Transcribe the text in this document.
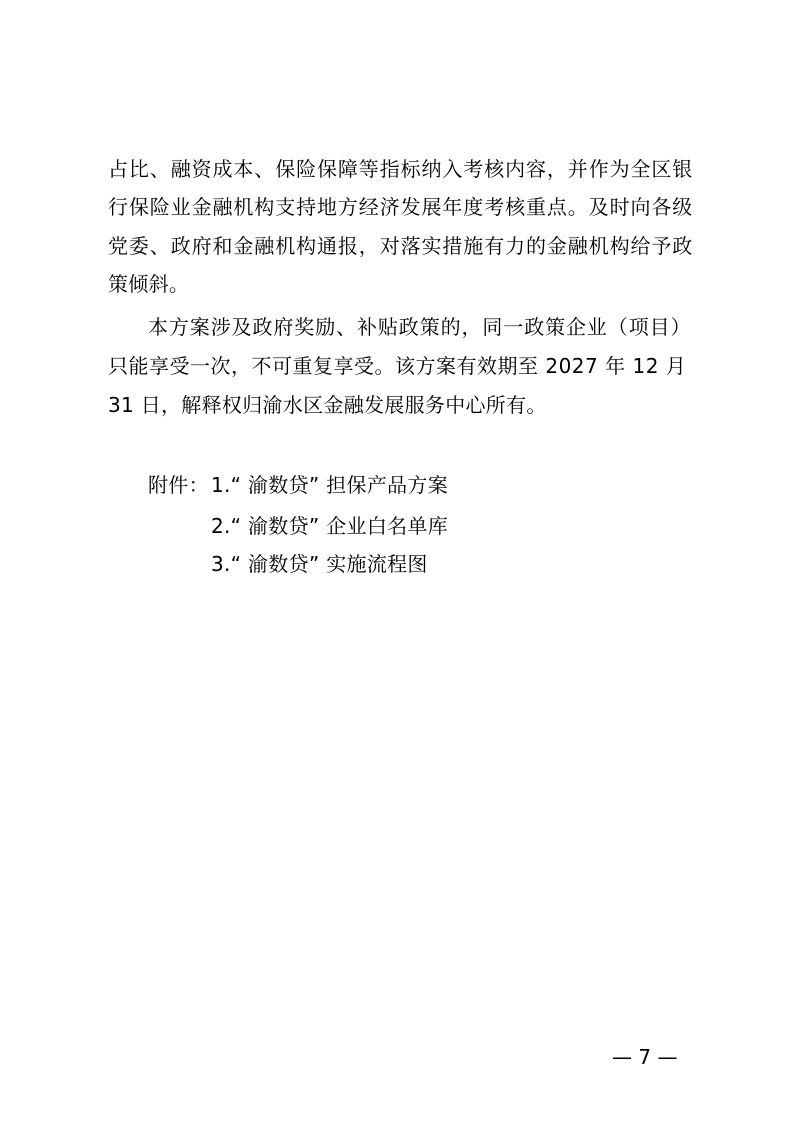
占比、融资成本、保险保障等指标纳入考核内容，并作为全区银
行保险业金融机构支持地方经济发展年度考核重点。及时向各级
党委、政府和金融机构通报，对落实措施有力的金融机构给予政
策倾斜。
本方案涉及政府奖励、补贴政策的，同一政策企业（项目）
只能享受一次，不可重复享受。该方案有效期至 2027 年 12 月
31 日，解释权归渝水区金融发展服务中心所有。
附件： 1.“ 渝数贷” 担保产品方案
2.“ 渝数贷” 企业白名单库
3.“ 渝数贷” 实施流程图
— 7 —
